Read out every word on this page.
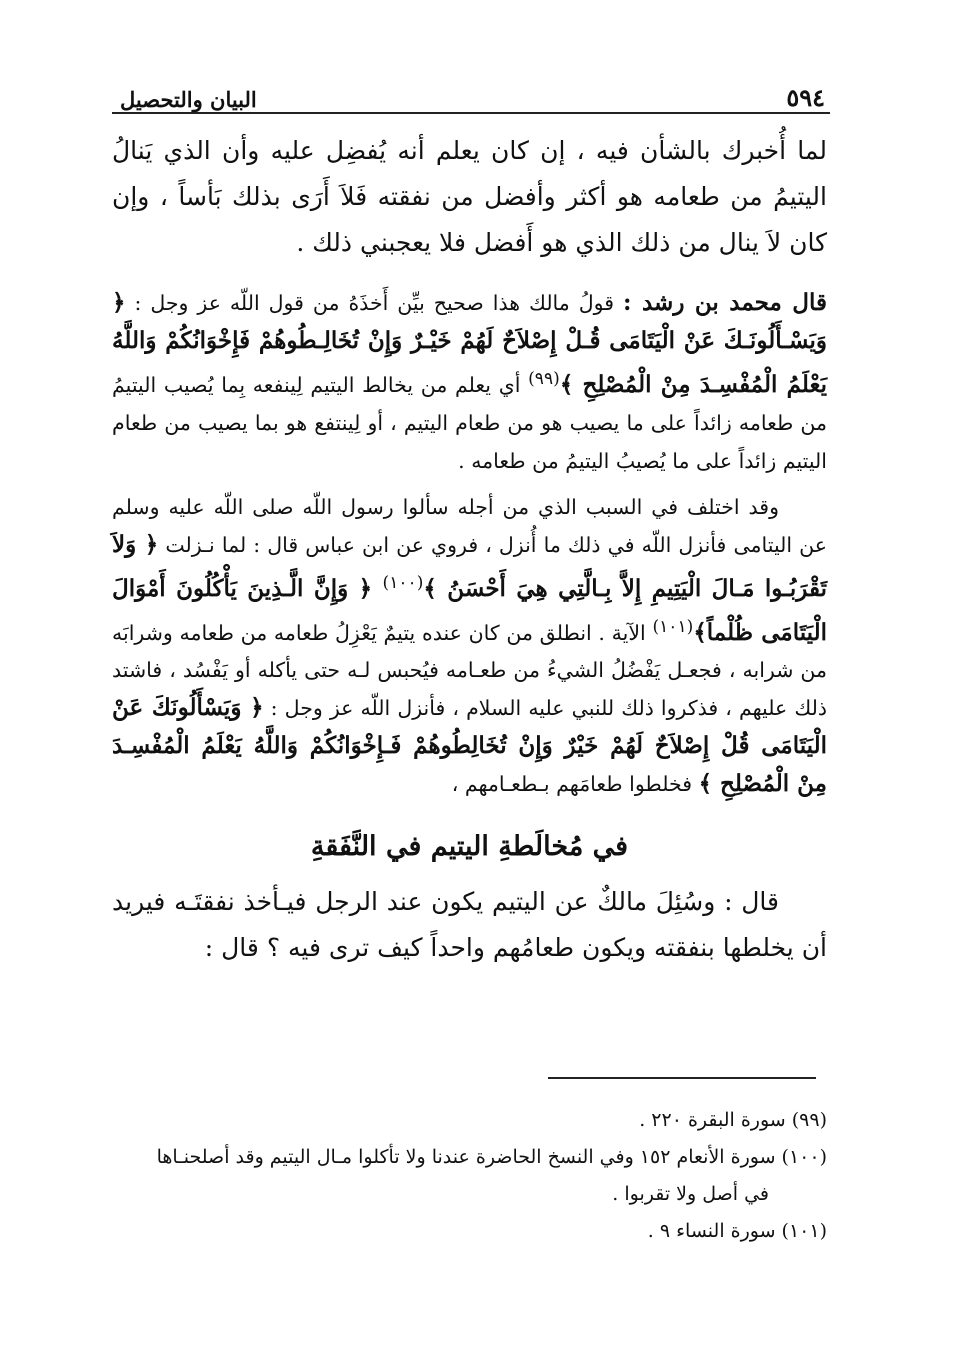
٥٩٤
البيان والتحصيل

لما أُخبرك بالشأن فيه ، إن كان يعلم أنه يُفضِل عليه وأن الذي يَنالُ اليتيمُ من طعامه هو أكثر وأفضل من نفقته فَلاَ أَرَى بذلك بَأساً ، وإن كان لاَ ينال من ذلك الذي هو أَفضل فلا يعجبني ذلك .

قال محمد بن رشد : قولُ مالك هذا صحيح بيِّن أَخذَهُ من قول اللّه عز وجل : ﴿ وَيَسْـأَلُونَـكَ عَنْ الْيَتَامَى قُـلْ إِصْلاَحٌ لَهُمْ خَيْـرٌ وَإِنْ تُخَالِـطُوهُمْ فَإِخْوَانُكُمْ وَاللَّهُ يَعْلَمُ الْمُفْسِـدَ مِنْ الْمُصْلِحِ ﴾$^{(٩٩)}$ أي يعلم من يخالط اليتيم لِينفعه بِما يُصيب اليتيمُ من طعامه زائداً على ما يصيب هو من طعام اليتيم ، أو لِينتفع هو بما يصيب من طعام اليتيم زائداً على ما يُصيبُ اليتيمُ من طعامه .

وقد اختلف في السبب الذي من أجله سألوا رسول اللّه صلى اللّه عليه وسلم عن اليتامى فأنزل اللّه في ذلك ما أُنزل ، فروي عن ابن عباس قال : لما نـزلت ﴿ وَلاَ تَقْرَبُـوا مَـالَ الْيَتِيمِ إِلاَّ بِـالَّتِي هِيَ أَحْسَنُ ﴾$^{(١٠٠)}$ ﴿ وَإِنَّ الَّـذِينَ يَأْكُلُونَ أَمْوَالَ الْيَتَامَى ظُلْماً﴾$^{(١٠١)}$ الآية . انطلق من كان عنده يتيمٌ يَعْزِلُ طعامه من طعامه وشرابَه من شرابه ، فجعـل يَفْضُلُ الشيءُ من طعـامه فيُحبس لـه حتى يأكله أو يَفْسُد ، فاشتد ذلك عليهم ، فذكروا ذلك للنبي عليه السلام ، فأنزل اللّه عز وجل : ﴿ وَيَسْأَلُونَكَ عَنْ الْيَتَامَى قُلْ إِصْلاَحٌ لَهُمْ خَيْرٌ وَإِنْ تُخَالِطُوهُمْ فَـإِخْوَانُكُمْ وَاللَّهُ يَعْلَمُ الْمُفْسِـدَ مِنْ الْمُصْلِحِ ﴾ فخلطوا طعامَهم بـطعـامهم ،

في مُخالَطةِ اليتيم في النَّفَقةِ

قال : وسُئِلَ مالكٌ عن اليتيم يكون عند الرجل فيـأخذ نفقتَـه فيريد أن يخلطها بنفقته ويكون طعامُهم واحداً كيف ترى فيه ؟ قال :

(٩٩) سورة البقرة ٢٢٠ .

(١٠٠) سورة الأنعام ١٥٢ وفي النسخ الحاضرة عندنا ولا تأكلوا مـال اليتيم وقد أصلحنـاها

في أصل ولا تقربوا .

(١٠١) سورة النساء ٩ .
